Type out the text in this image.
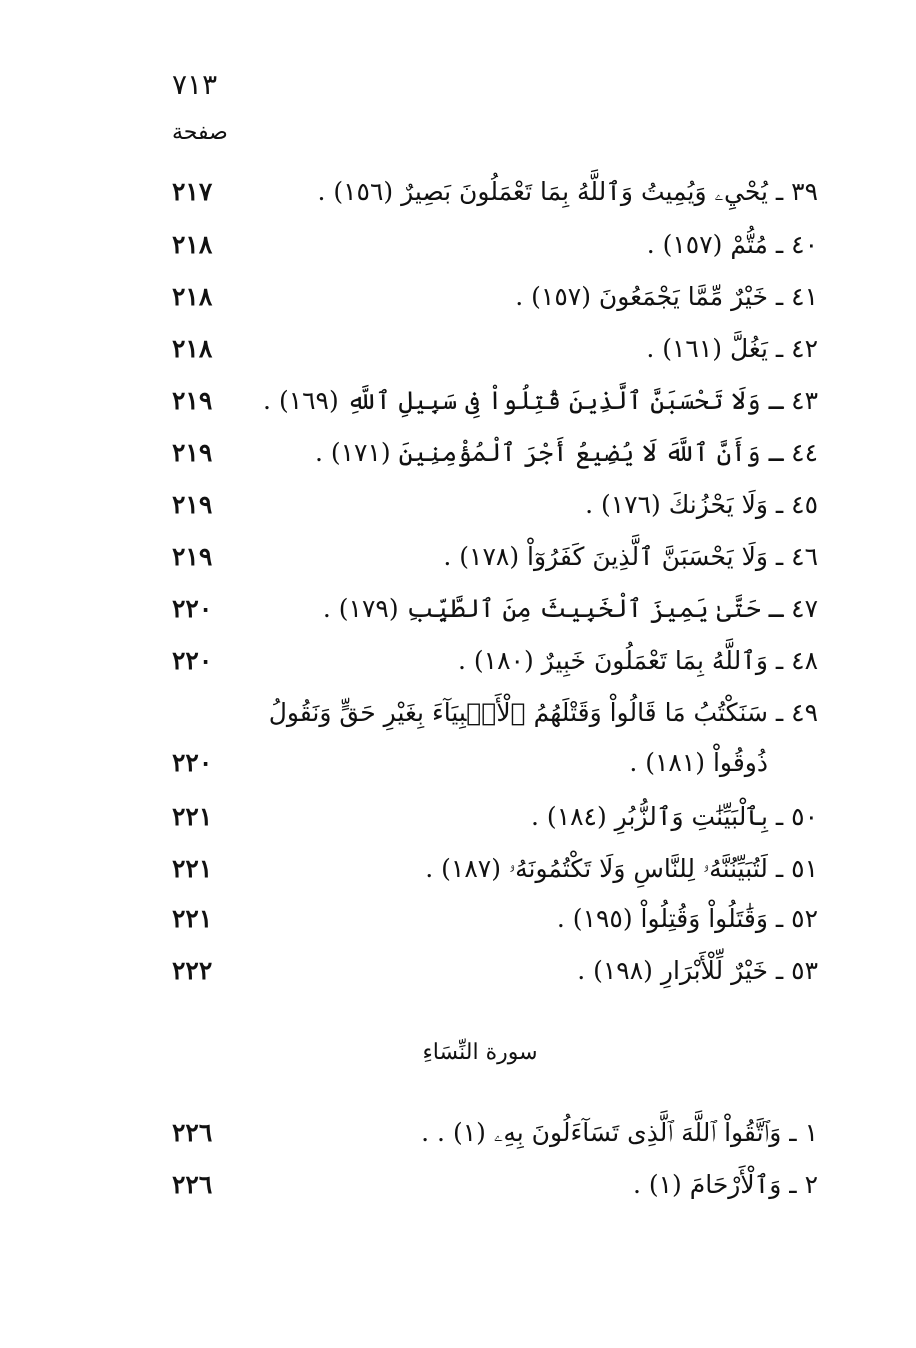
٧١٣
صفحة
٣٩ ـ يُحْيِۦ وَيُمِيتُ وَٱللَّهُ بِمَا تَعْمَلُونَ بَصِيرٌ (١٥٦) .
٢١٧
٤٠ ـ مُتُّمْ (١٥٧) .
٢١٨
٤١ ـ خَيْرٌ مِّمَّا يَجْمَعُونَ (١٥٧) .
٢١٨
٤٢ ـ يَغُلَّ (١٦١) .
٢١٨
٤٣ ـ وَلَا تَحْسَبَنَّ ٱلَّذِينَ قُتِلُواْ فِى سَبِيلِ ٱللَّهِ (١٦٩) .
٢١٩
٤٤ ـ وَأَنَّ ٱللَّهَ لَا يُضِيعُ أَجْرَ ٱلْمُؤْمِنِينَ (١٧١) .
٢١٩
٤٥ ـ وَلَا يَحْزُنكَ (١٧٦) .
٢١٩
٤٦ ـ وَلَا يَحْسَبَنَّ ٱلَّذِينَ كَفَرُوٓاْ (١٧٨) .
٢١٩
٤٧ ـ حَتَّىٰ يَمِيزَ ٱلْخَبِيثَ مِنَ ٱلطَّيِّبِ (١٧٩) .
٢٢٠
٤٨ ـ وَٱللَّهُ بِمَا تَعْمَلُونَ خَبِيرٌ (١٨٠) .
٢٢٠
٤٩ ـ سَنَكْتُبُ مَا قَالُواْ وَقَتْلَهُمُ ٱلْأَنۢبِيَآءَ بِغَيْرِ حَقٍّ وَنَقُولُ
ذُوقُواْ (١٨١) .
٢٢٠
٥٠ ـ بِٱلْبَيِّنَٰتِ وَٱلزُّبُرِ (١٨٤) .
٢٢١
٥١ ـ لَتُبَيِّنُنَّهُۥ لِلنَّاسِ وَلَا تَكْتُمُونَهُۥ (١٨٧) .
٢٢١
٥٢ ـ وَقَٰتَلُواْ وَقُتِلُواْ (١٩٥) .
٢٢١
٥٣ ـ خَيْرٌ لِّلْأَبْرَارِ (١٩٨) .
٢٢٢
سورة النِّسَاءِ
١ ـ وَٱتَّقُواْ ٱللَّهَ ٱلَّذِى تَسَآءَلُونَ بِهِۦ (١) . .
٢٢٦
٢ ـ وَٱلْأَرْحَامَ (١) .
٢٢٦
